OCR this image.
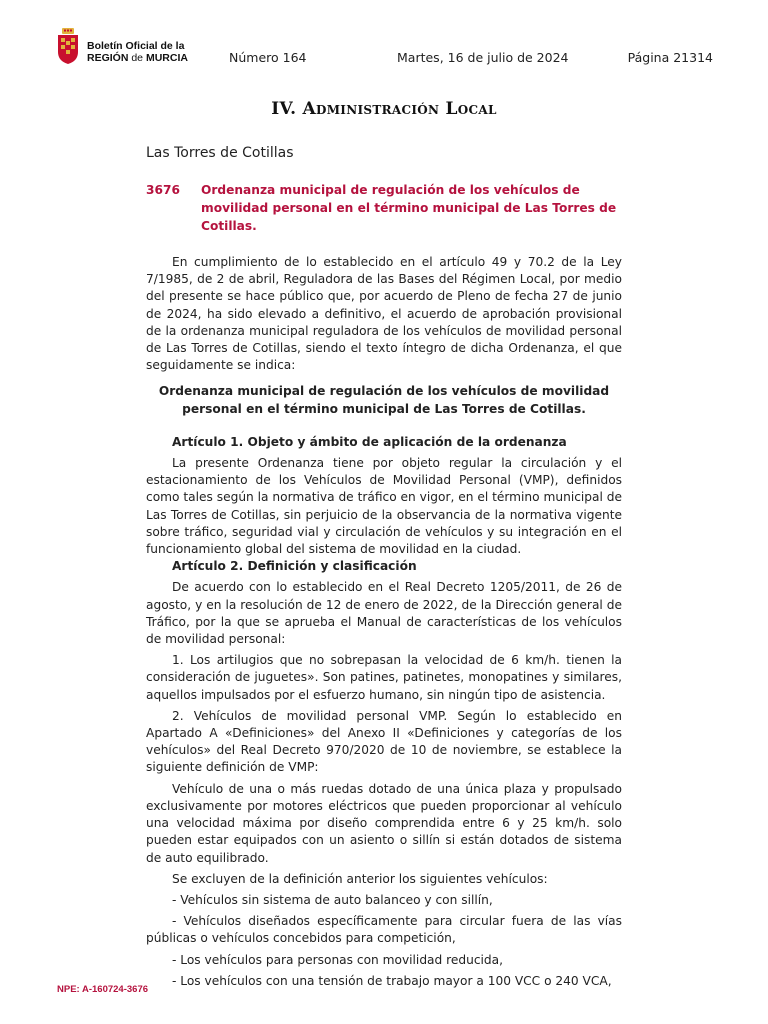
Boletín Oficial de la
REGIÓN de MURCIA	Número 164	Martes, 16 de julio de 2024	Página 21314
IV. Administración Local
Las Torres de Cotillas
3676	Ordenanza municipal de regulación de los vehículos de movilidad personal en el término municipal de Las Torres de Cotillas.

En cumplimiento de lo establecido en el artículo 49 y 70.2 de la Ley 7/1985, de 2 de abril, Reguladora de las Bases del Régimen Local, por medio del presente se hace público que, por acuerdo de Pleno de fecha 27 de junio de 2024, ha sido elevado a definitivo, el acuerdo de aprobación provisional de la ordenanza municipal reguladora de los vehículos de movilidad personal de Las Torres de Cotillas, siendo el texto íntegro de dicha Ordenanza, el que seguidamente se indica:

Ordenanza municipal de regulación de los vehículos de movilidad personal en el término municipal de Las Torres de Cotillas.

Artículo 1. Objeto y ámbito de aplicación de la ordenanza

La presente Ordenanza tiene por objeto regular la circulación y el estacionamiento de los Vehículos de Movilidad Personal (VMP), definidos como tales según la normativa de tráfico en vigor, en el término municipal de Las Torres de Cotillas, sin perjuicio de la observancia de la normativa vigente sobre tráfico, seguridad vial y circulación de vehículos y su integración en el funcionamiento global del sistema de movilidad en la ciudad.

Artículo 2. Definición y clasificación

De acuerdo con lo establecido en el Real Decreto 1205/2011, de 26 de agosto, y en la resolución de 12 de enero de 2022, de la Dirección general de Tráfico, por la que se aprueba el Manual de características de los vehículos de movilidad personal:

1. Los artilugios que no sobrepasan la velocidad de 6 km/h. tienen la consideración de juguetes». Son patines, patinetes, monopatines y similares, aquellos impulsados por el esfuerzo humano, sin ningún tipo de asistencia.

2. Vehículos de movilidad personal VMP. Según lo establecido en Apartado A «Definiciones» del Anexo II «Definiciones y categorías de los vehículos» del Real Decreto 970/2020 de 10 de noviembre, se establece la siguiente definición de VMP:

Vehículo de una o más ruedas dotado de una única plaza y propulsado exclusivamente por motores eléctricos que pueden proporcionar al vehículo una velocidad máxima por diseño comprendida entre 6 y 25 km/h. solo pueden estar equipados con un asiento o sillín si están dotados de sistema de auto equilibrado.

Se excluyen de la definición anterior los siguientes vehículos:

- Vehículos sin sistema de auto balanceo y con sillín,

- Vehículos diseñados específicamente para circular fuera de las vías públicas o vehículos concebidos para competición,

- Los vehículos para personas con movilidad reducida,

- Los vehículos con una tensión de trabajo mayor a 100 VCC o 240 VCA,

NPE: A-160724-3676
